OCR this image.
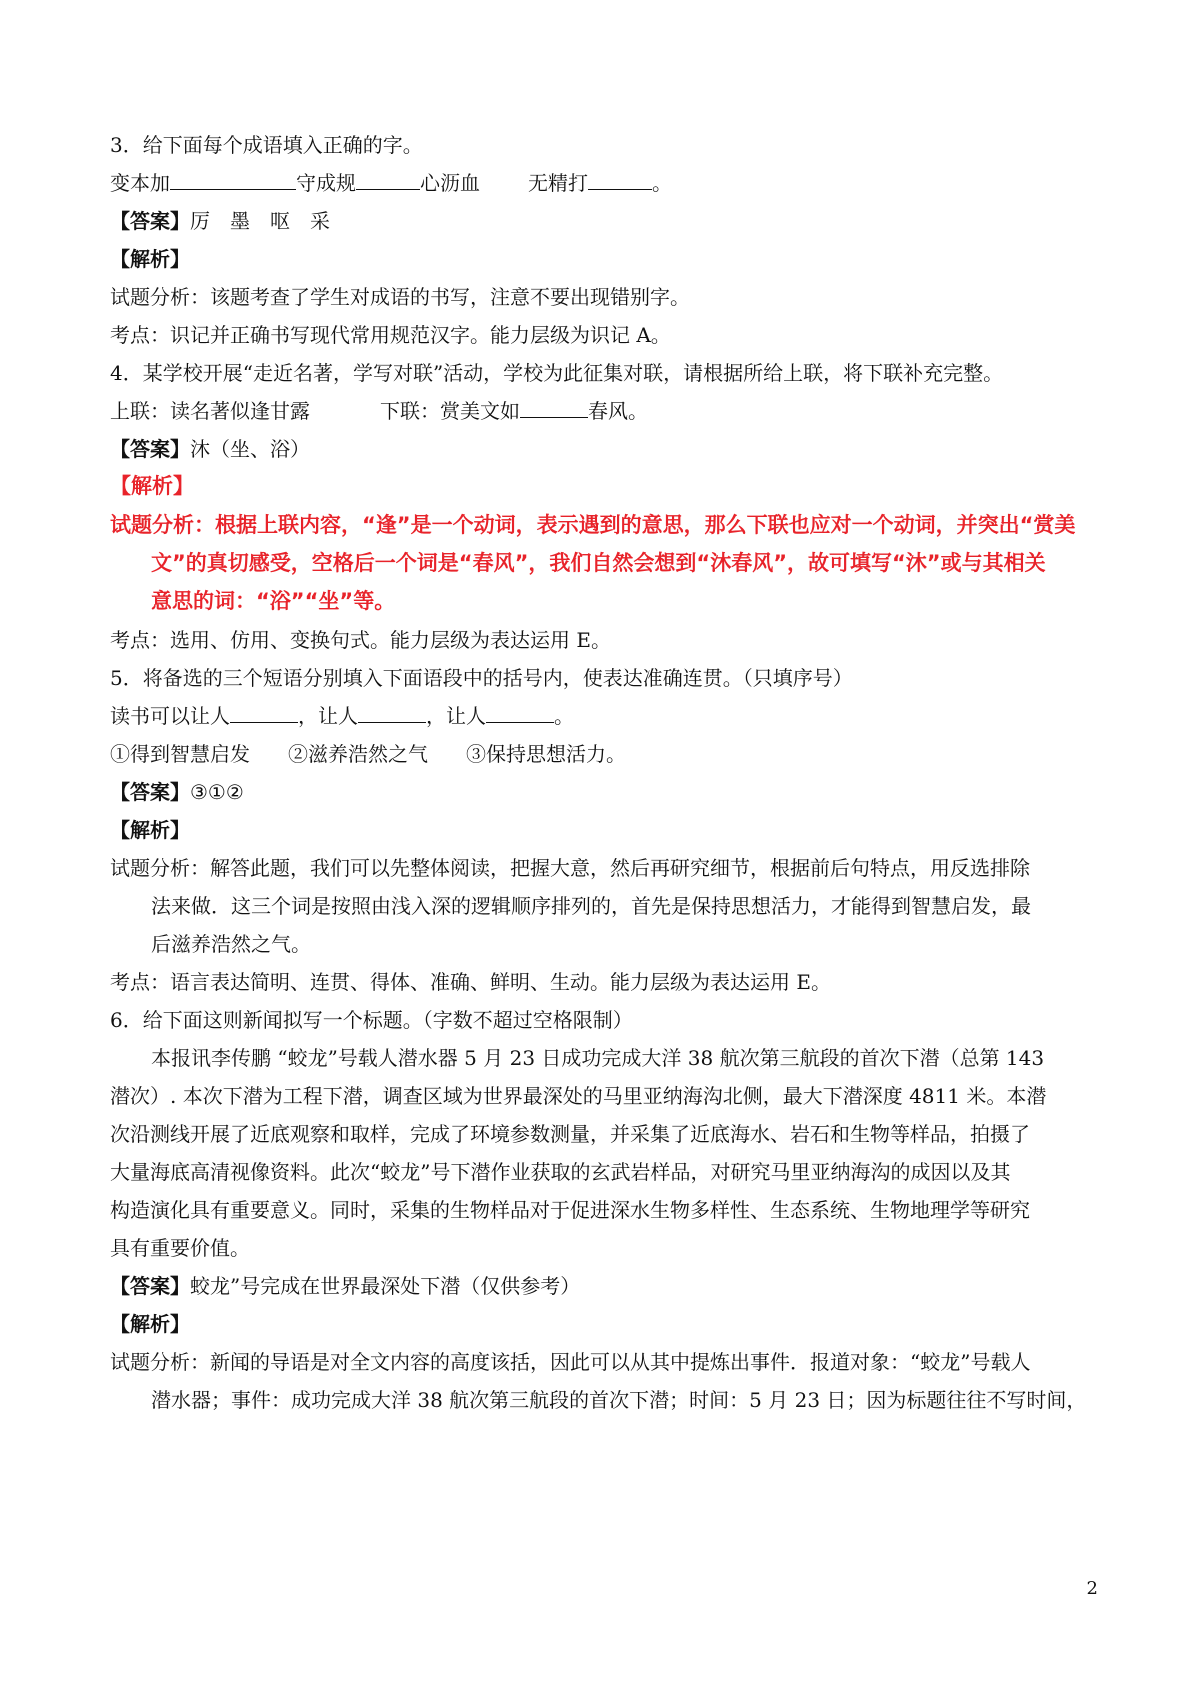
3．给下面每个成语填入正确的字。
变本加	守成规	心沥血 无精打	。
【答案】厉　墨　呕　采
【解析】
试题分析：该题考查了学生对成语的书写，注意不要出现错别字。
考点：识记并正确书写现代常用规范汉字。能力层级为识记 A。
4．某学校开展“走近名著，学写对联”活动，学校为此征集对联，请根据所给上联，将下联补充完整。
上联：读名著似逢甘露	下联：赏美文如	春风。
【答案】沐（坐、浴）
【解析】
试题分析：根据上联内容，“逢”是一个动词，表示遇到的意思，那么下联也应对一个动词，并突出“赏美
文”的真切感受，空格后一个词是“春风”，我们自然会想到“沐春风”，故可填写“沐”或与其相关
意思的词：“浴”“坐”等。
考点：选用、仿用、变换句式。能力层级为表达运用 E。
5．将备选的三个短语分别填入下面语段中的括号内，使表达准确连贯。（只填序号）
读书可以让人	，让人	，让人	。
①得到智慧启发 ②滋养浩然之气 ③保持思想活力。
【答案】③①②
【解析】
试题分析：解答此题，我们可以先整体阅读，把握大意，然后再研究细节，根据前后句特点，用反选排除
法来做．这三个词是按照由浅入深的逻辑顺序排列的，首先是保持思想活力，才能得到智慧启发，最
后滋养浩然之气。
考点：语言表达简明、连贯、得体、准确、鲜明、生动。能力层级为表达运用 E。
6．给下面这则新闻拟写一个标题。（字数不超过空格限制）
本报讯李传鹏 “蛟龙”号载人潜水器 5 月 23 日成功完成大洋 38 航次第三航段的首次下潜（总第 143
潜次）. 本次下潜为工程下潜，调查区域为世界最深处的马里亚纳海沟北侧，最大下潜深度 4811 米。本潜
次沿测线开展了近底观察和取样，完成了环境参数测量，并采集了近底海水、岩石和生物等样品，拍摄了
大量海底高清视像资料。此次“蛟龙”号下潜作业获取的玄武岩样品，对研究马里亚纳海沟的成因以及其
构造演化具有重要意义。同时，采集的生物样品对于促进深水生物多样性、生态系统、生物地理学等研究
具有重要价值。
【答案】蛟龙”号完成在世界最深处下潜（仅供参考）
【解析】
试题分析：新闻的导语是对全文内容的高度该括，因此可以从其中提炼出事件．报道对象：“蛟龙”号载人
潜水器；事件：成功完成大洋 38 航次第三航段的首次下潜；时间：5 月 23 日；因为标题往往不写时间，
2
